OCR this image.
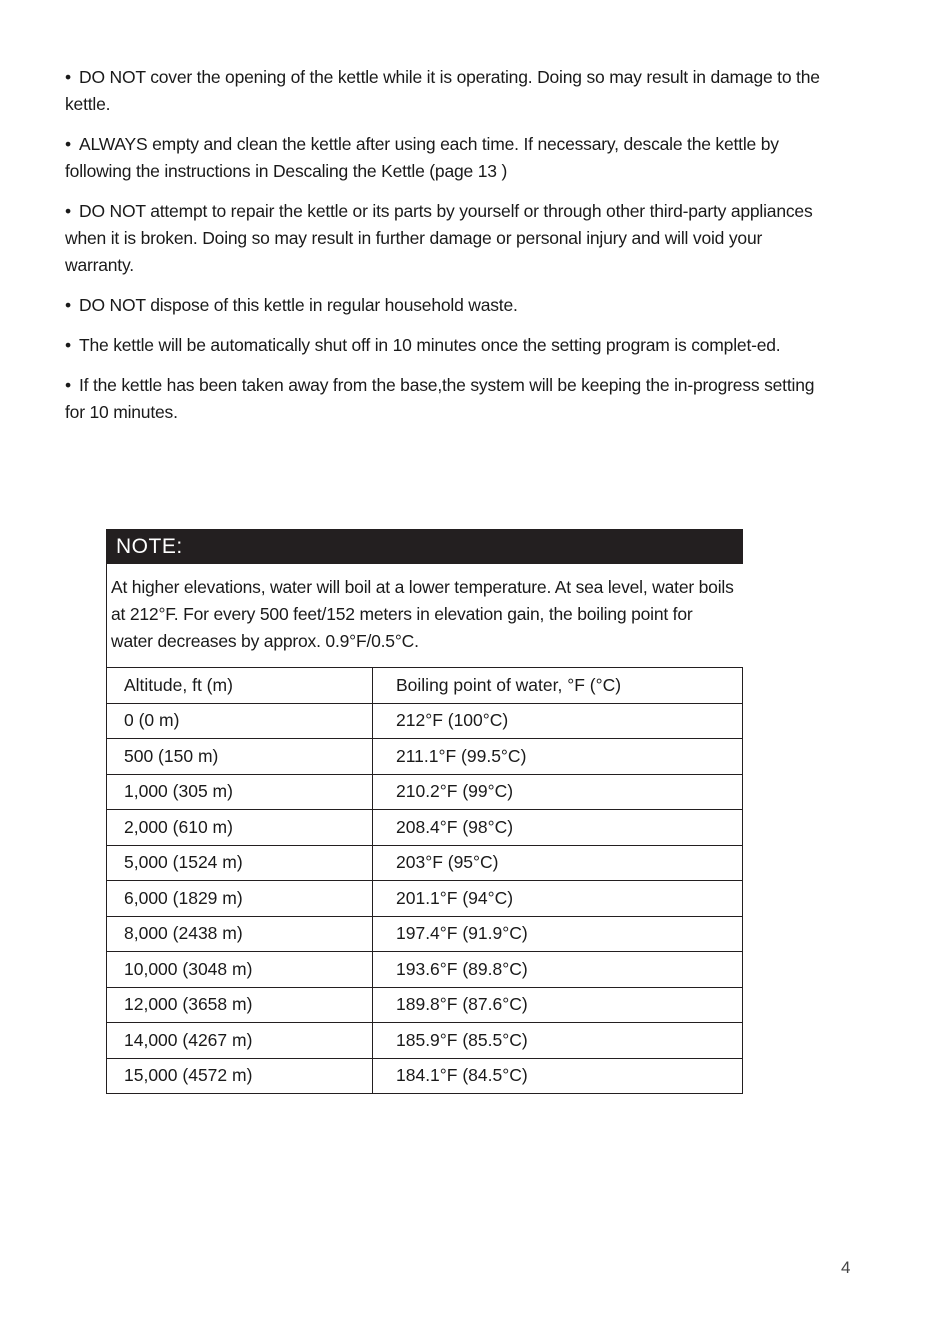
• DO NOT cover the opening of the kettle while it is operating. Doing so may result in damage to the kettle.

• ALWAYS empty and clean the kettle after using each time. If necessary, descale the kettle by following the instructions in Descaling the Kettle (page 13 )

• DO NOT attempt to repair the kettle or its parts by yourself or through other third-party appliances when it is broken. Doing so may result in further damage or personal injury and will void your warranty.

• DO NOT dispose of this kettle in regular household waste.

• The kettle will be automatically shut off in 10 minutes once the setting program is complet-ed.

• If the kettle has been taken away from the base,the system will be keeping the in-progress setting for 10 minutes.

NOTE:
At higher elevations, water will boil at a lower temperature. At sea level, water boils at 212°F. For every 500 feet/152 meters in elevation gain, the boiling point for water decreases by approx. 0.9°F/0.5°C.
Altitude, ft (m)	Boiling point of water, °F (°C)
0 (0 m)	212°F (100°C)
500 (150 m)	211.1°F (99.5°C)
1,000 (305 m)	210.2°F (99°C)
2,000 (610 m)	208.4°F (98°C)
5,000 (1524 m)	203°F (95°C)
6,000 (1829 m)	201.1°F (94°C)
8,000 (2438 m)	197.4°F (91.9°C)
10,000 (3048 m)	193.6°F (89.8°C)
12,000 (3658 m)	189.8°F (87.6°C)
14,000 (4267 m)	185.9°F (85.5°C)
15,000 (4572 m)	184.1°F (84.5°C)
4
